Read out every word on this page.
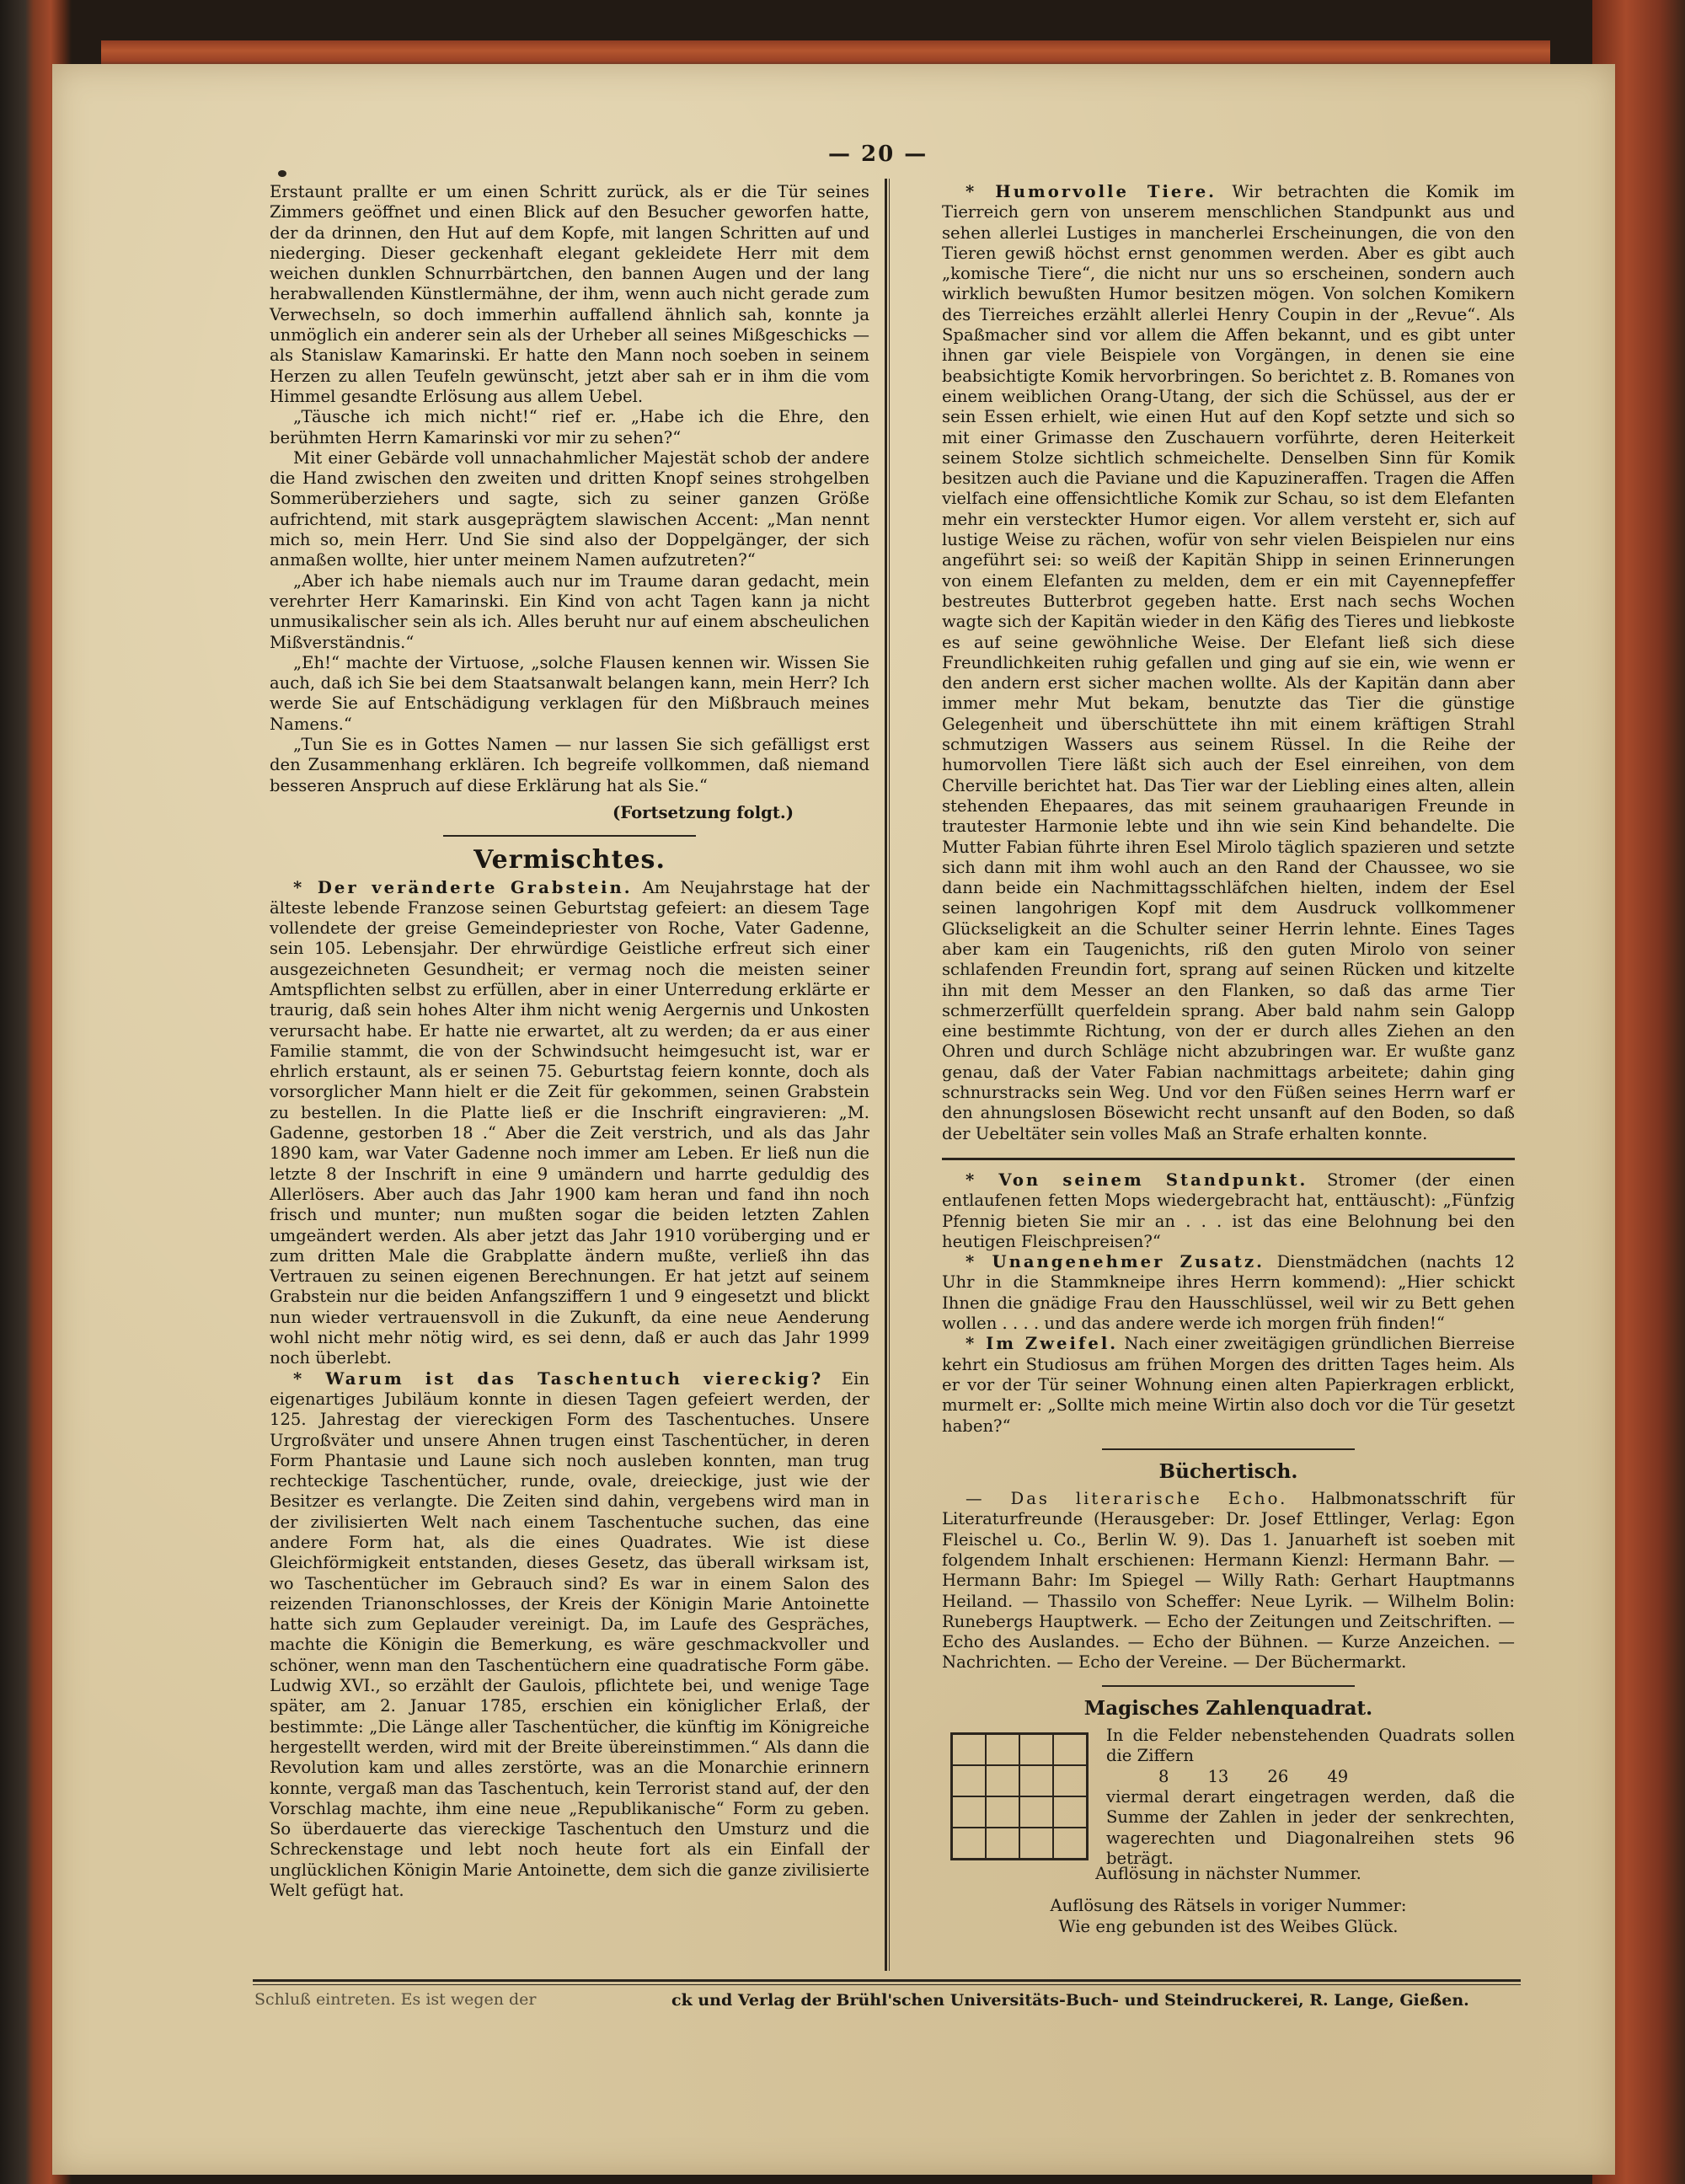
— 20 —

Erstaunt prallte er um einen Schritt zurück, als er die Tür seines Zimmers geöffnet und einen Blick auf den Besucher geworfen hatte, der da drinnen, den Hut auf dem Kopfe, mit langen Schritten auf und niederging. Dieser geckenhaft elegant gekleidete Herr mit dem weichen dunklen Schnurrbärtchen, den bannen Augen und der lang herabwallenden Künstlermähne, der ihm, wenn auch nicht gerade zum Verwechseln, so doch immerhin auffallend ähnlich sah, konnte ja unmöglich ein anderer sein als der Urheber all seines Mißgeschicks — als Stanislaw Kamarinski. Er hatte den Mann noch soeben in seinem Herzen zu allen Teufeln gewünscht, jetzt aber sah er in ihm die vom Himmel gesandte Erlösung aus allem Uebel.

„Täusche ich mich nicht!“ rief er. „Habe ich die Ehre, den berühmten Herrn Kamarinski vor mir zu sehen?“

Mit einer Gebärde voll unnachahmlicher Majestät schob der andere die Hand zwischen den zweiten und dritten Knopf seines strohgelben Sommerüberziehers und sagte, sich zu seiner ganzen Größe aufrichtend, mit stark ausgeprägtem slawischen Accent: „Man nennt mich so, mein Herr. Und Sie sind also der Doppelgänger, der sich anmaßen wollte, hier unter meinem Namen aufzutreten?“

„Aber ich habe niemals auch nur im Traume daran gedacht, mein verehrter Herr Kamarinski. Ein Kind von acht Tagen kann ja nicht unmusikalischer sein als ich. Alles beruht nur auf einem abscheulichen Mißverständnis.“

„Eh!“ machte der Virtuose, „solche Flausen kennen wir. Wissen Sie auch, daß ich Sie bei dem Staatsanwalt belangen kann, mein Herr? Ich werde Sie auf Entschädigung verklagen für den Mißbrauch meines Namens.“

„Tun Sie es in Gottes Namen — nur lassen Sie sich gefälligst erst den Zusammenhang erklären. Ich begreife vollkommen, daß niemand besseren Anspruch auf diese Erklärung hat als Sie.“

(Fortsetzung folgt.)
Vermischtes.

* Der veränderte Grabstein. Am Neujahrstage hat der älteste lebende Franzose seinen Geburtstag gefeiert: an diesem Tage vollendete der greise Gemeindepriester von Roche, Vater Gadenne, sein 105. Lebensjahr. Der ehrwürdige Geistliche erfreut sich einer ausgezeichneten Gesundheit; er vermag noch die meisten seiner Amtspflichten selbst zu erfüllen, aber in einer Unterredung erklärte er traurig, daß sein hohes Alter ihm nicht wenig Aergernis und Unkosten verursacht habe. Er hatte nie erwartet, alt zu werden; da er aus einer Familie stammt, die von der Schwindsucht heimgesucht ist, war er ehrlich erstaunt, als er seinen 75. Geburtstag feiern konnte, doch als vorsorglicher Mann hielt er die Zeit für gekommen, seinen Grabstein zu bestellen. In die Platte ließ er die Inschrift eingravieren: „M. Gadenne, gestorben 18 .“ Aber die Zeit verstrich, und als das Jahr 1890 kam, war Vater Gadenne noch immer am Leben. Er ließ nun die letzte 8 der Inschrift in eine 9 umändern und harrte geduldig des Allerlösers. Aber auch das Jahr 1900 kam heran und fand ihn noch frisch und munter; nun mußten sogar die beiden letzten Zahlen umgeändert werden. Als aber jetzt das Jahr 1910 vorüberging und er zum dritten Male die Grabplatte ändern mußte, verließ ihn das Vertrauen zu seinen eigenen Berechnungen. Er hat jetzt auf seinem Grabstein nur die beiden Anfangsziffern 1 und 9 eingesetzt und blickt nun wieder vertrauensvoll in die Zukunft, da eine neue Aenderung wohl nicht mehr nötig wird, es sei denn, daß er auch das Jahr 1999 noch überlebt.

* Warum ist das Taschentuch viereckig? Ein eigenartiges Jubiläum konnte in diesen Tagen gefeiert werden, der 125. Jahrestag der viereckigen Form des Taschentuches. Unsere Urgroßväter und unsere Ahnen trugen einst Taschentücher, in deren Form Phantasie und Laune sich noch ausleben konnten, man trug rechteckige Taschentücher, runde, ovale, dreieckige, just wie der Besitzer es verlangte. Die Zeiten sind dahin, vergebens wird man in der zivilisierten Welt nach einem Taschentuche suchen, das eine andere Form hat, als die eines Quadrates. Wie ist diese Gleichförmigkeit entstanden, dieses Gesetz, das überall wirksam ist, wo Taschentücher im Gebrauch sind? Es war in einem Salon des reizenden Trianonschlosses, der Kreis der Königin Marie Antoinette hatte sich zum Geplauder vereinigt. Da, im Laufe des Gespräches, machte die Königin die Bemerkung, es wäre geschmackvoller und schöner, wenn man den Taschentüchern eine quadratische Form gäbe. Ludwig XVI., so erzählt der Gaulois, pflichtete bei, und wenige Tage später, am 2. Januar 1785, erschien ein königlicher Erlaß, der bestimmte: „Die Länge aller Taschentücher, die künftig im Königreiche hergestellt werden, wird mit der Breite übereinstimmen.“ Als dann die Revolution kam und alles zerstörte, was an die Monarchie erinnern konnte, vergaß man das Taschentuch, kein Terrorist stand auf, der den Vorschlag machte, ihm eine neue „Republikanische“ Form zu geben. So überdauerte das viereckige Taschentuch den Umsturz und die Schreckenstage und lebt noch heute fort als ein Einfall der unglücklichen Königin Marie Antoinette, dem sich die ganze zivilisierte Welt gefügt hat.

* Humorvolle Tiere. Wir betrachten die Komik im Tierreich gern von unserem menschlichen Standpunkt aus und sehen allerlei Lustiges in mancherlei Erscheinungen, die von den Tieren gewiß höchst ernst genommen werden. Aber es gibt auch „komische Tiere“, die nicht nur uns so erscheinen, sondern auch wirklich bewußten Humor besitzen mögen. Von solchen Komikern des Tierreiches erzählt allerlei Henry Coupin in der „Revue“. Als Spaßmacher sind vor allem die Affen bekannt, und es gibt unter ihnen gar viele Beispiele von Vorgängen, in denen sie eine beabsichtigte Komik hervorbringen. So berichtet z. B. Romanes von einem weiblichen Orang-Utang, der sich die Schüssel, aus der er sein Essen erhielt, wie einen Hut auf den Kopf setzte und sich so mit einer Grimasse den Zuschauern vorführte, deren Heiterkeit seinem Stolze sichtlich schmeichelte. Denselben Sinn für Komik besitzen auch die Paviane und die Kapuzineraffen. Tragen die Affen vielfach eine offensichtliche Komik zur Schau, so ist dem Elefanten mehr ein versteckter Humor eigen. Vor allem versteht er, sich auf lustige Weise zu rächen, wofür von sehr vielen Beispielen nur eins angeführt sei: so weiß der Kapitän Shipp in seinen Erinnerungen von einem Elefanten zu melden, dem er ein mit Cayennepfeffer bestreutes Butterbrot gegeben hatte. Erst nach sechs Wochen wagte sich der Kapitän wieder in den Käfig des Tieres und liebkoste es auf seine gewöhnliche Weise. Der Elefant ließ sich diese Freundlichkeiten ruhig gefallen und ging auf sie ein, wie wenn er den andern erst sicher machen wollte. Als der Kapitän dann aber immer mehr Mut bekam, benutzte das Tier die günstige Gelegenheit und überschüttete ihn mit einem kräftigen Strahl schmutzigen Wassers aus seinem Rüssel. In die Reihe der humorvollen Tiere läßt sich auch der Esel einreihen, von dem Cherville berichtet hat. Das Tier war der Liebling eines alten, allein stehenden Ehepaares, das mit seinem grauhaarigen Freunde in trautester Harmonie lebte und ihn wie sein Kind behandelte. Die Mutter Fabian führte ihren Esel Mirolo täglich spazieren und setzte sich dann mit ihm wohl auch an den Rand der Chaussee, wo sie dann beide ein Nachmittagsschläfchen hielten, indem der Esel seinen langohrigen Kopf mit dem Ausdruck vollkommener Glückseligkeit an die Schulter seiner Herrin lehnte. Eines Tages aber kam ein Taugenichts, riß den guten Mirolo von seiner schlafenden Freundin fort, sprang auf seinen Rücken und kitzelte ihn mit dem Messer an den Flanken, so daß das arme Tier schmerzerfüllt querfeldein sprang. Aber bald nahm sein Galopp eine bestimmte Richtung, von der er durch alles Ziehen an den Ohren und durch Schläge nicht abzubringen war. Er wußte ganz genau, daß der Vater Fabian nachmittags arbeitete; dahin ging schnurstracks sein Weg. Und vor den Füßen seines Herrn warf er den ahnungslosen Bösewicht recht unsanft auf den Boden, so daß der Uebeltäter sein volles Maß an Strafe erhalten konnte.

* Von seinem Standpunkt. Stromer (der einen entlaufenen fetten Mops wiedergebracht hat, enttäuscht): „Fünfzig Pfennig bieten Sie mir an . . . ist das eine Belohnung bei den heutigen Fleischpreisen?“

* Unangenehmer Zusatz. Dienstmädchen (nachts 12 Uhr in die Stammkneipe ihres Herrn kommend): „Hier schickt Ihnen die gnädige Frau den Hausschlüssel, weil wir zu Bett gehen wollen . . . . und das andere werde ich morgen früh finden!“

* Im Zweifel. Nach einer zweitägigen gründlichen Bierreise kehrt ein Studiosus am frühen Morgen des dritten Tages heim. Als er vor der Tür seiner Wohnung einen alten Papierkragen erblickt, murmelt er: „Sollte mich meine Wirtin also doch vor die Tür gesetzt haben?“

Büchertisch.

— Das literarische Echo. Halbmonatsschrift für Literaturfreunde (Herausgeber: Dr. Josef Ettlinger, Verlag: Egon Fleischel u. Co., Berlin W. 9). Das 1. Januarheft ist soeben mit folgendem Inhalt erschienen: Hermann Kienzl: Hermann Bahr. — Hermann Bahr: Im Spiegel — Willy Rath: Gerhart Hauptmanns Heiland. — Thassilo von Scheffer: Neue Lyrik. — Wilhelm Bolin: Runebergs Hauptwerk. — Echo der Zeitungen und Zeitschriften. — Echo des Auslandes. — Echo der Bühnen. — Kurze Anzeichen. — Nachrichten. — Echo der Vereine. — Der Büchermarkt.

Magisches Zahlenquadrat.
In die Felder nebenstehenden Quadrats sollen die Ziffern
8 13 26 49
viermal derart eingetragen werden, daß die Summe der Zahlen in jeder der senkrechten, wagerechten und Diagonalreihen stets 96 beträgt.
Auflösung in nächster Nummer.
Auflösung des Rätsels in voriger Nummer:
Wie eng gebunden ist des Weibes Glück.
Schluß eintreten. Es ist wegen der	ck und Verlag der Brühl'schen Universitäts-Buch- und Steindruckerei, R. Lange, Gießen.
